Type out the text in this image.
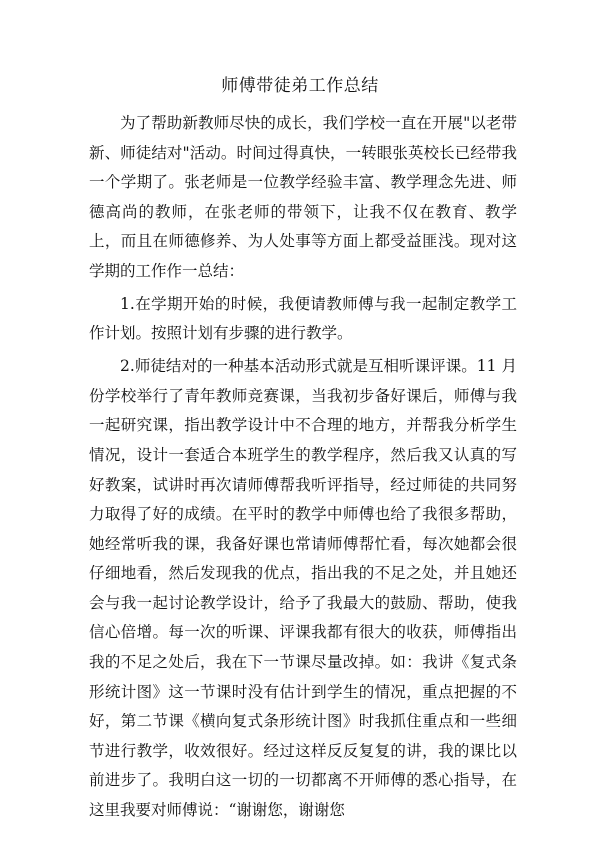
师傅带徒弟工作总结

为了帮助新教师尽快的成长，我们学校一直在开展"以老带新、师徒结对"活动。时间过得真快，一转眼张英校长已经带我一个学期了。张老师是一位教学经验丰富、教学理念先进、师德高尚的教师，在张老师的带领下，让我不仅在教育、教学上，而且在师德修养、为人处事等方面上都受益匪浅。现对这学期的工作作一总结：

1.在学期开始的时候，我便请教师傅与我一起制定教学工作计划。按照计划有步骤的进行教学。

2.师徒结对的一种基本活动形式就是互相听课评课。11 月份学校举行了青年教师竞赛课，当我初步备好课后，师傅与我一起研究课，指出教学设计中不合理的地方，并帮我分析学生情况，设计一套适合本班学生的教学程序，然后我又认真的写好教案，试讲时再次请师傅帮我听评指导，经过师徒的共同努力取得了好的成绩。在平时的教学中师傅也给了我很多帮助，她经常听我的课，我备好课也常请师傅帮忙看，每次她都会很仔细地看，然后发现我的优点，指出我的不足之处，并且她还会与我一起讨论教学设计，给予了我最大的鼓励、帮助，使我信心倍增。每一次的听课、评课我都有很大的收获，师傅指出我的不足之处后，我在下一节课尽量改掉。如：我讲《复式条形统计图》这一节课时没有估计到学生的情况，重点把握的不好，第二节课《横向复式条形统计图》时我抓住重点和一些细节进行教学，收效很好。经过这样反反复复的讲，我的课比以前进步了。我明白这一切的一切都离不开师傅的悉心指导，在这里我要对师傅说：“谢谢您，谢谢您
